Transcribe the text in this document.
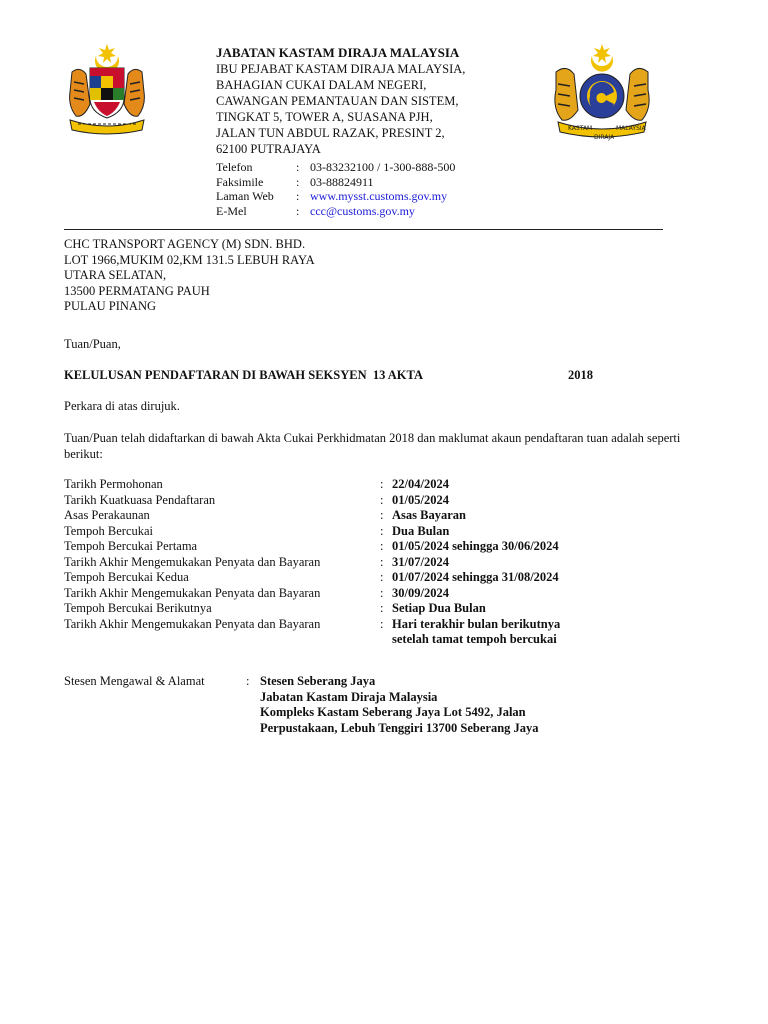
JABATAN KASTAM DIRAJA MALAYSIA
IBU PEJABAT KASTAM DIRAJA MALAYSIA,
BAHAGIAN CUKAI DALAM NEGERI,
CAWANGAN PEMANTAUAN DAN SISTEM,
TINGKAT 5, TOWER A, SUASANA PJH,
JALAN TUN ABDUL RAZAK, PRESINT 2,
62100 PUTRAJAYA
Telefon	: 03-83232100 / 1-300-888-500
Faksimile	: 03-88824911
Laman Web	: www.mysst.customs.gov.my
E-Mel	: ccc@customs.gov.my
KASTAM	MALAYSIA
DIRAJA
CHC TRANSPORT AGENCY (M) SDN. BHD.
LOT 1966,MUKIM 02,KM 131.5 LEBUH RAYA
UTARA SELATAN,
13500 PERMATANG PAUH
PULAU PINANG
Tuan/Puan,
KELULUSAN PENDAFTARAN DI BAWAH SEKSYEN  13 AKTA	2018
Perkara di atas dirujuk.
Tuan/Puan telah didaftarkan di bawah Akta Cukai Perkhidmatan 2018 dan maklumat akaun pendaftaran tuan adalah seperti berikut:
Tarikh Permohonan	: 22/04/2024
Tarikh Kuatkuasa Pendaftaran	: 01/05/2024
Asas Perakaunan	: Asas Bayaran
Tempoh Bercukai	: Dua Bulan
Tempoh Bercukai Pertama	: 01/05/2024 sehingga 30/06/2024
Tarikh Akhir Mengemukakan Penyata dan Bayaran	: 31/07/2024
Tempoh Bercukai Kedua	: 01/07/2024 sehingga 31/08/2024
Tarikh Akhir Mengemukakan Penyata dan Bayaran	: 30/09/2024
Tempoh Bercukai Berikutnya	: Setiap Dua Bulan
Tarikh Akhir Mengemukakan Penyata dan Bayaran	: Hari terakhir bulan berikutnya
setelah tamat tempoh bercukai
Stesen Mengawal & Alamat	: Stesen Seberang Jaya
Jabatan Kastam Diraja Malaysia
Kompleks Kastam Seberang Jaya Lot 5492, Jalan
Perpustakaan, Lebuh Tenggiri 13700 Seberang Jaya
